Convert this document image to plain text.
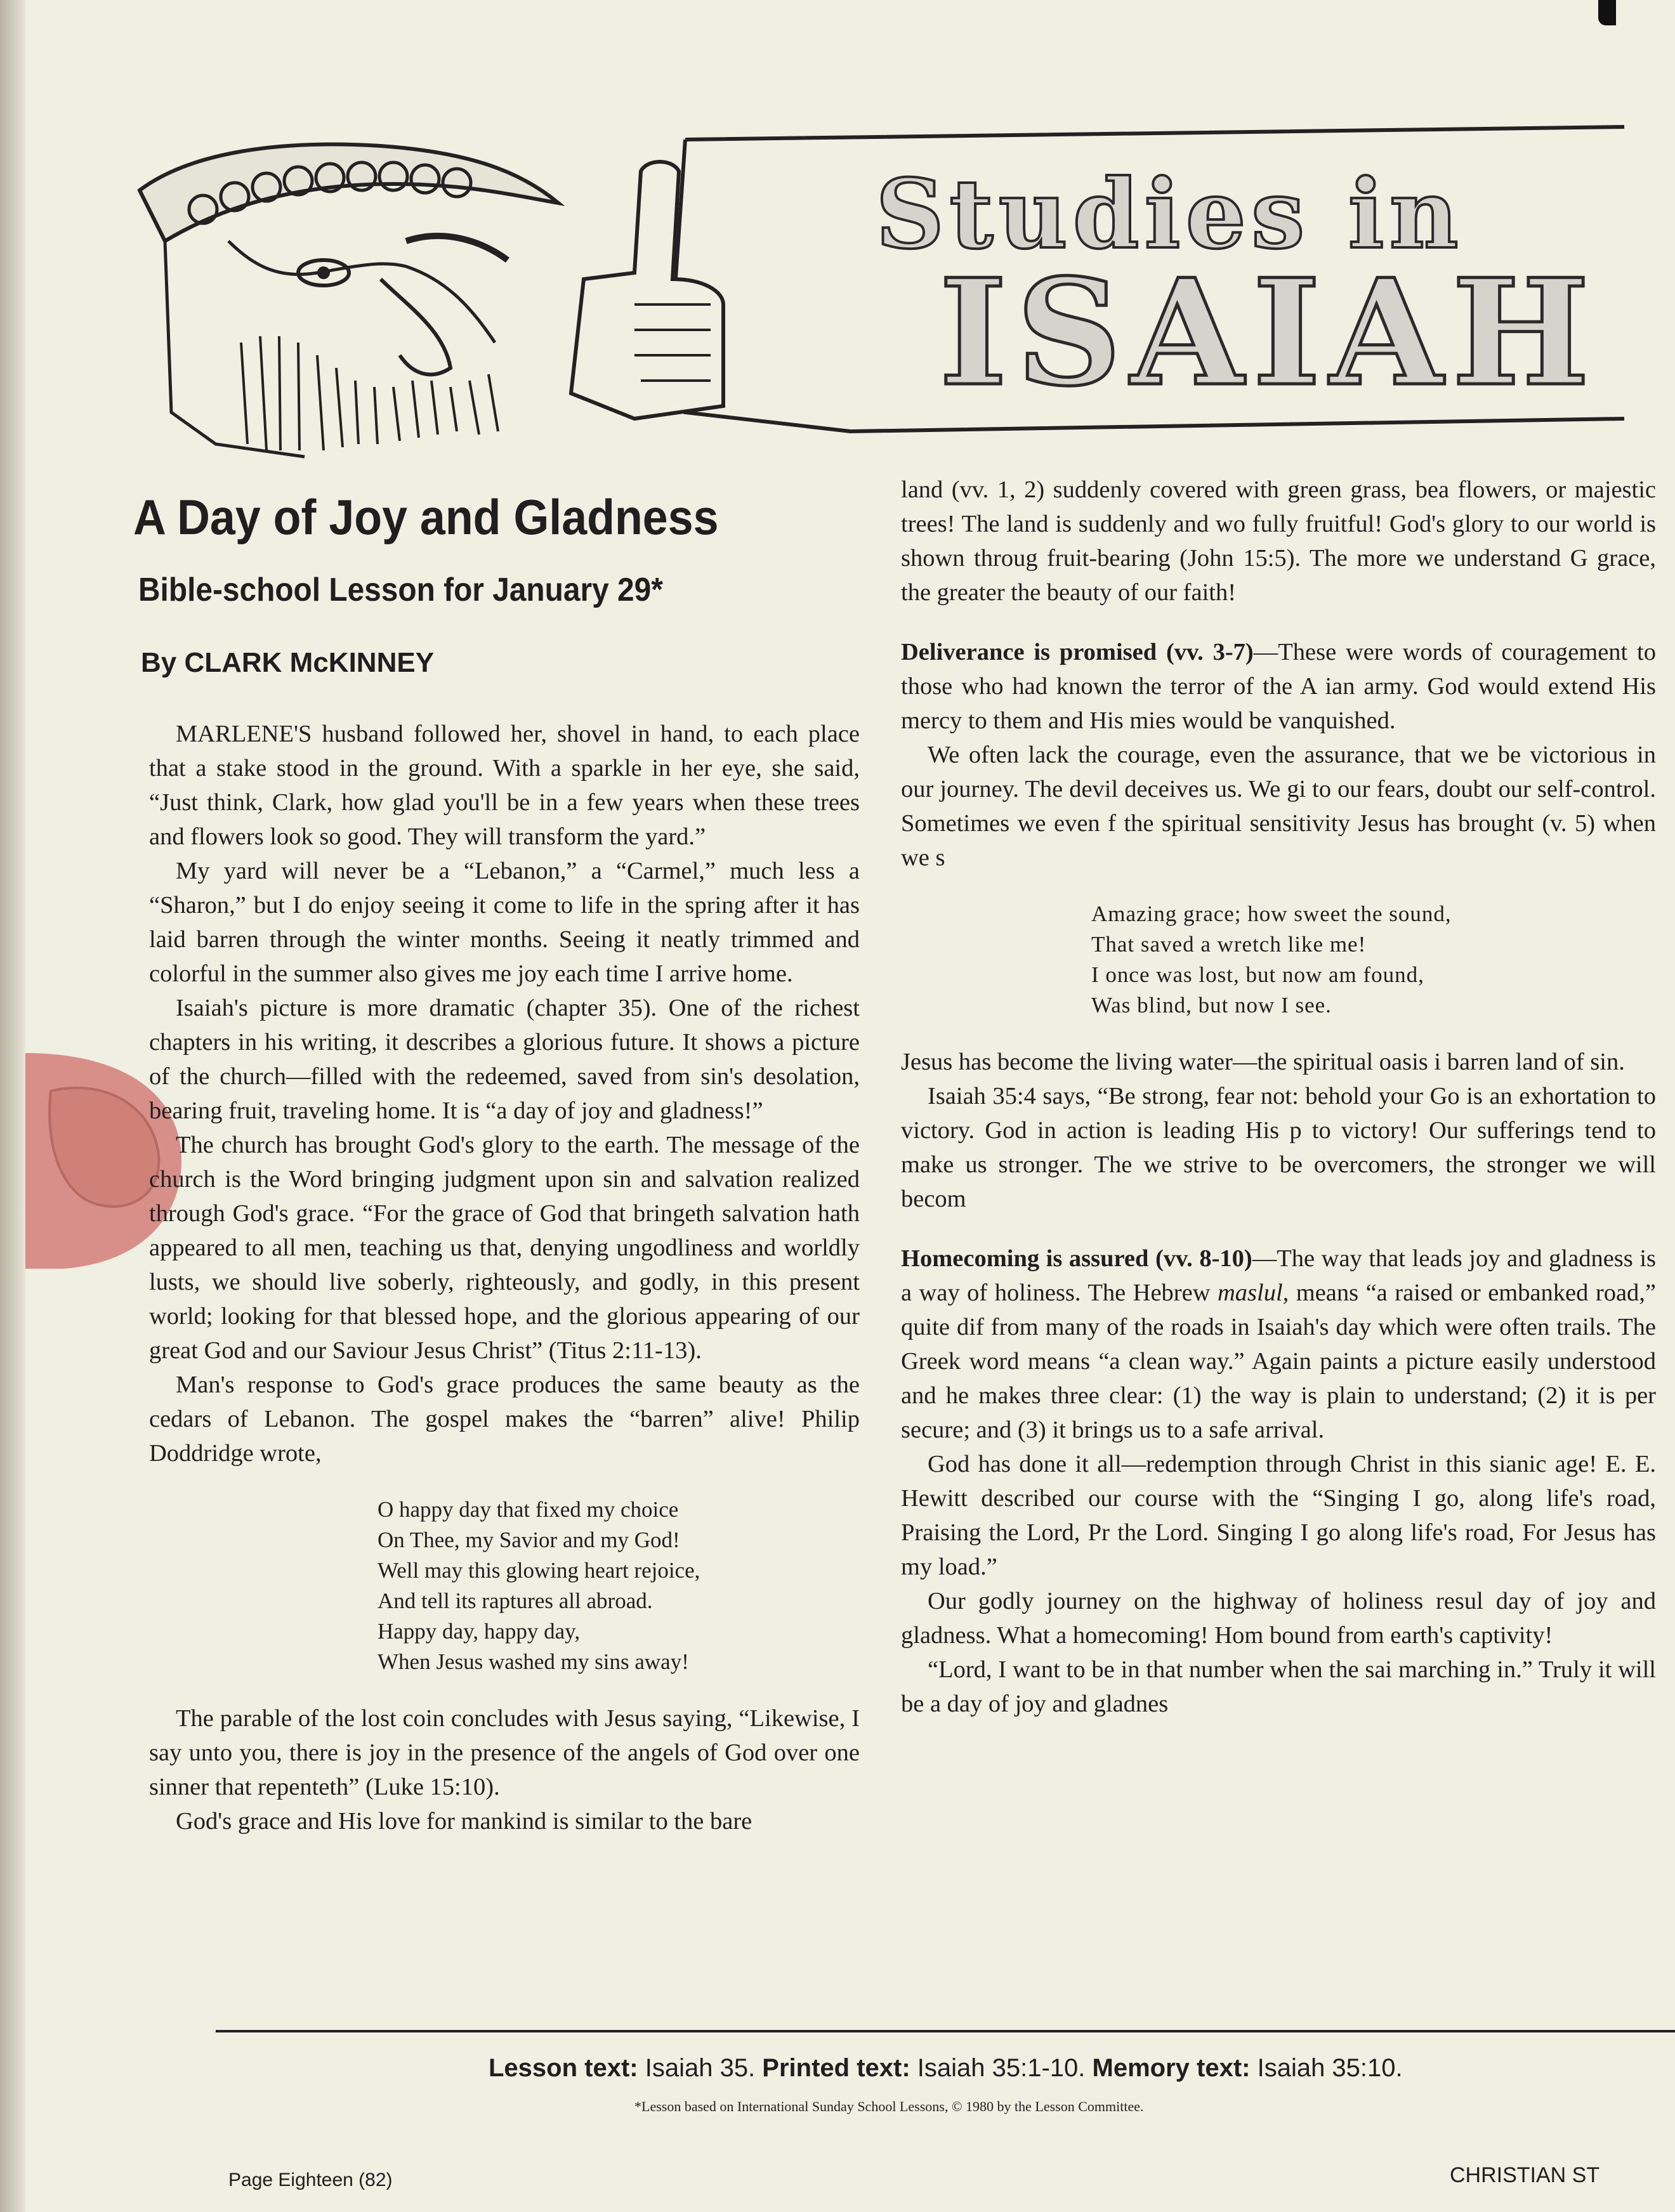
Studies in
ISAIAH
A Day of Joy and Gladness
Bible-school Lesson for January 29*
By CLARK McKINNEY

MARLENE'S husband followed her, shovel in hand, to each place that a stake stood in the ground. With a sparkle in her eye, she said, “Just think, Clark, how glad you'll be in a few years when these trees and flowers look so good. They will transform the yard.”

My yard will never be a “Lebanon,” a “Carmel,” much less a “Sharon,” but I do enjoy seeing it come to life in the spring after it has laid barren through the winter months. Seeing it neatly trimmed and colorful in the summer also gives me joy each time I arrive home.

Isaiah's picture is more dramatic (chapter 35). One of the richest chapters in his writing, it describes a glorious future. It shows a picture of the church—filled with the redeemed, saved from sin's desolation, bearing fruit, traveling home. It is “a day of joy and gladness!”

The church has brought God's glory to the earth. The message of the church is the Word bringing judgment upon sin and salvation realized through God's grace. “For the grace of God that bringeth salvation hath appeared to all men, teaching us that, denying ungodliness and worldly lusts, we should live soberly, righteously, and godly, in this present world; looking for that blessed hope, and the glorious appearing of our great God and our Saviour Jesus Christ” (Titus 2:11-13).

Man's response to God's grace produces the same beauty as the cedars of Lebanon. The gospel makes the “barren” alive! Philip Doddridge wrote,

O happy day that fixed my choice
On Thee, my Savior and my God!
Well may this glowing heart rejoice,
And tell its raptures all abroad.
Happy day, happy day,
When Jesus washed my sins away!

The parable of the lost coin concludes with Jesus saying, “Likewise, I say unto you, there is joy in the presence of the angels of God over one sinner that repenteth” (Luke 15:10).

God's grace and His love for mankind is similar to the bare

land (vv. 1, 2) suddenly covered with green grass, bea flowers, or majestic trees! The land is suddenly and wo fully fruitful! God's glory to our world is shown throug fruit-bearing (John 15:5). The more we understand G grace, the greater the beauty of our faith!

Deliverance is promised (vv. 3-7)—These were words of couragement to those who had known the terror of the A ian army. God would extend His mercy to them and His mies would be vanquished.

We often lack the courage, even the assurance, that we be victorious in our journey. The devil deceives us. We gi to our fears, doubt our self-control. Sometimes we even f the spiritual sensitivity Jesus has brought (v. 5) when we s

Amazing grace; how sweet the sound,
That saved a wretch like me!
I once was lost, but now am found,
Was blind, but now I see.

Jesus has become the living water—the spiritual oasis i barren land of sin.

Isaiah 35:4 says, “Be strong, fear not: behold your Go is an exhortation to victory. God in action is leading His p to victory! Our sufferings tend to make us stronger. The we strive to be overcomers, the stronger we will becom

Homecoming is assured (vv. 8-10)—The way that leads joy and gladness is a way of holiness. The Hebrew maslul, means “a raised or embanked road,” quite dif from many of the roads in Isaiah's day which were often trails. The Greek word means “a clean way.” Again paints a picture easily understood and he makes three clear: (1) the way is plain to understand; (2) it is per secure; and (3) it brings us to a safe arrival.

God has done it all—redemption through Christ in this sianic age! E. E. Hewitt described our course with the “Singing I go, along life's road, Praising the Lord, Pr the Lord. Singing I go along life's road, For Jesus has my load.”

Our godly journey on the highway of holiness resul day of joy and gladness. What a homecoming! Hom bound from earth's captivity!

“Lord, I want to be in that number when the sai marching in.” Truly it will be a day of joy and gladnes

Lesson text: Isaiah 35. Printed text: Isaiah 35:1-10. Memory text: Isaiah 35:10.
*Lesson based on International Sunday School Lessons, © 1980 by the Lesson Committee.
Page Eighteen (82)	CHRISTIAN ST
